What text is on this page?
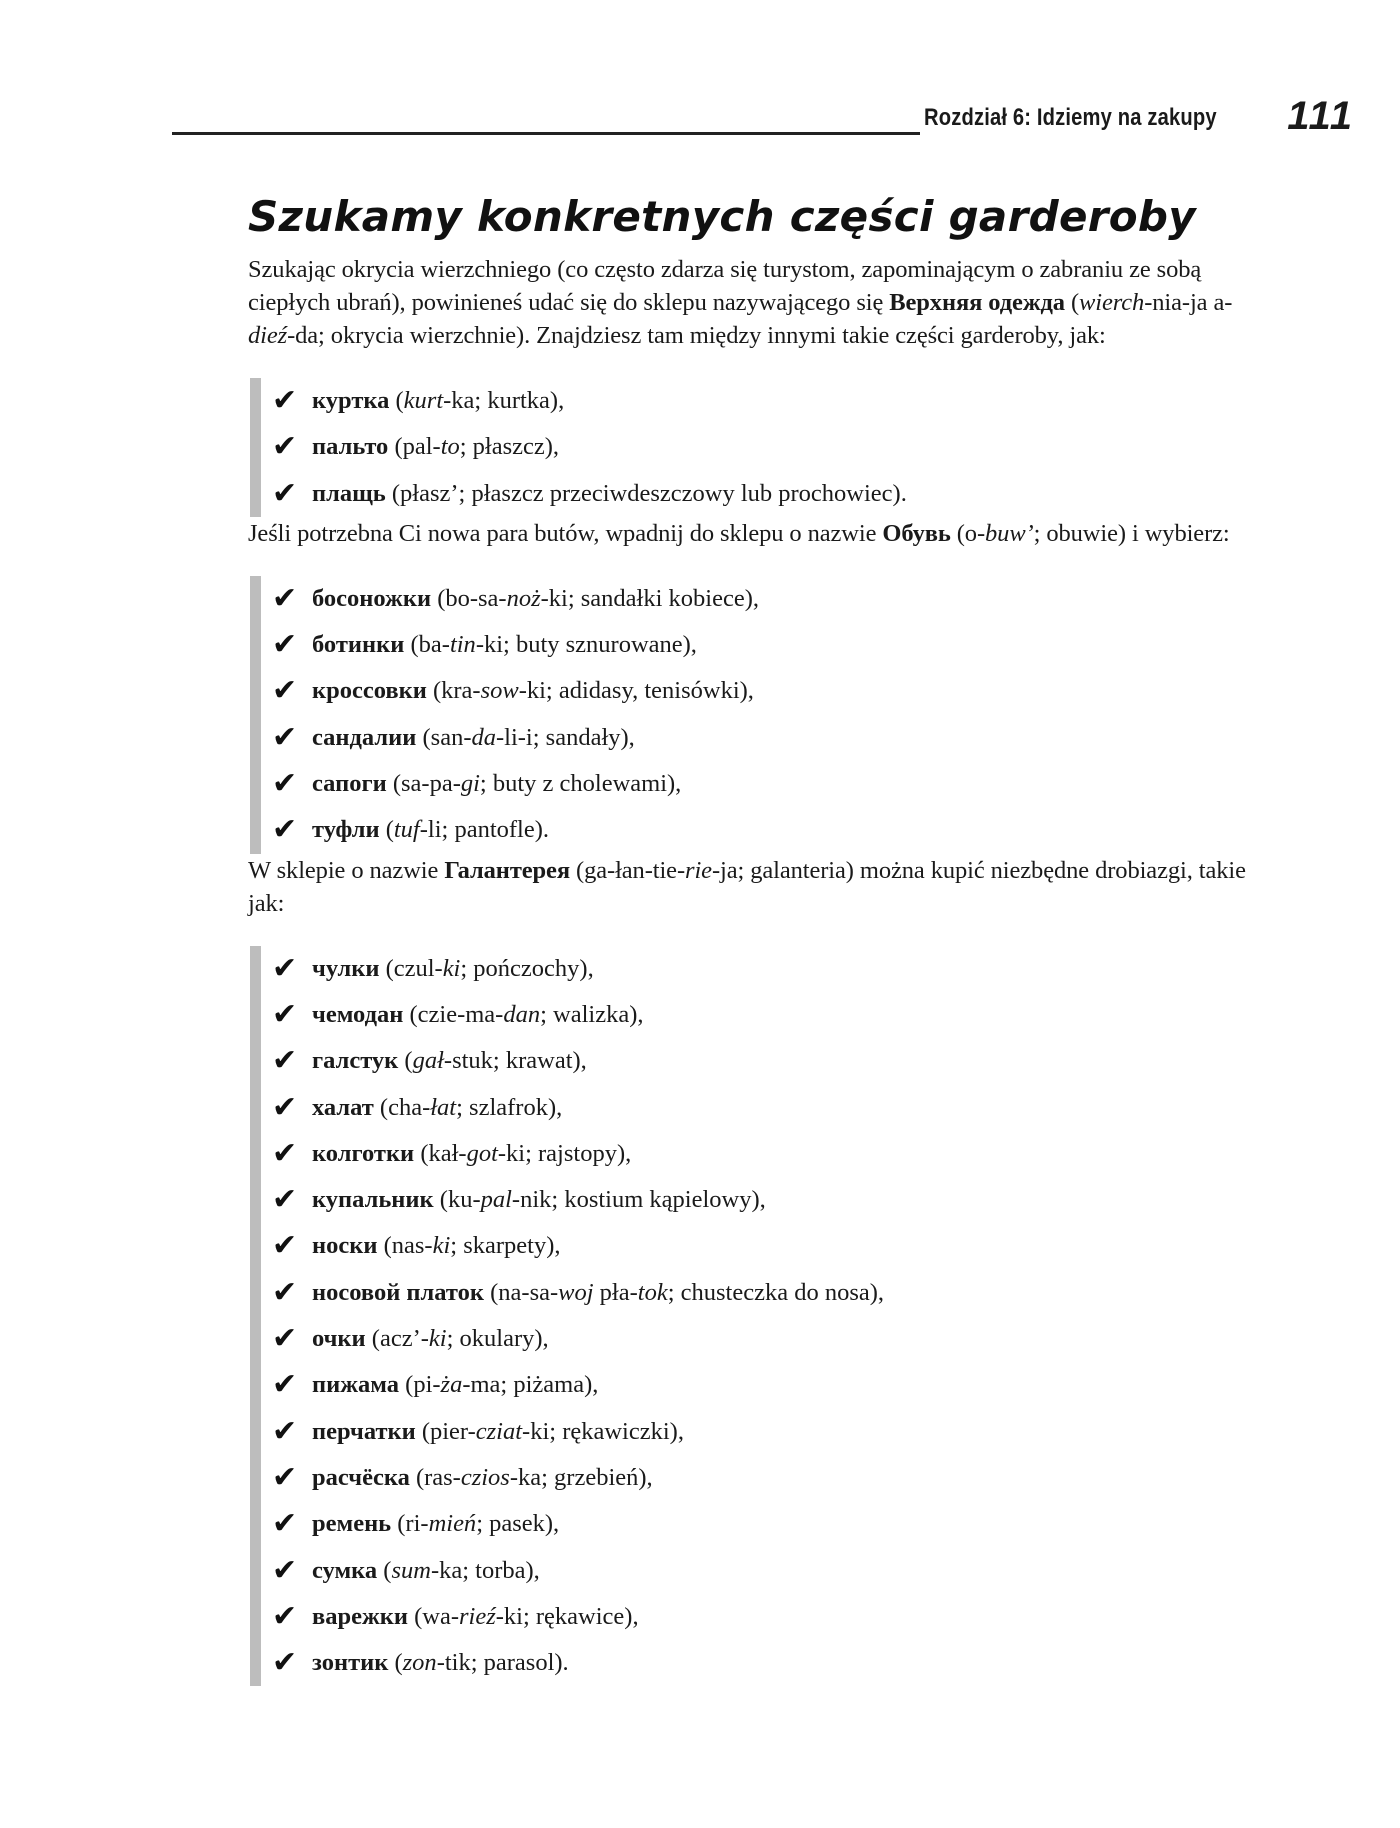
Rozdział 6: Idziemy na zakupy 111
Szukamy konkretnych części garderoby

Szukając okrycia wierzchniego (co często zdarza się turystom, zapominającym o zabraniu ze sobą ciepłych ubrań), powinieneś udać się do sklepu nazywającego się Верхняя одежда (wierch-nia-ja a-dieź-da; okrycia wierzchnie). Znajdziesz tam między innymi takie części garderoby, jak:

✔ куртка (kurt-ka; kurtka),
✔ пальто (pal-to; płaszcz),
✔ плащь (płasz’; płaszcz przeciwdeszczowy lub prochowiec).

Jeśli potrzebna Ci nowa para butów, wpadnij do sklepu o nazwie Обувь (o-buw’; obuwie) i wybierz:

✔ босоножки (bo-sa-noż-ki; sandałki kobiece),
✔ ботинки (ba-tin-ki; buty sznurowane),
✔ кроссовки (kra-sow-ki; adidasy, tenisówki),
✔ сандалии (san-da-li-i; sandały),
✔ сапоги (sa-pa-gi; buty z cholewami),
✔ туфли (tuf-li; pantofle).

W sklepie o nazwie Галантерея (ga-łan-tie-rie-ja; galanteria) można kupić niezbędne drobiazgi, takie jak:

✔ чулки (czul-ki; pończochy),
✔ чемодан (czie-ma-dan; walizka),
✔ галстук (gał-stuk; krawat),
✔ халат (cha-łat; szlafrok),
✔ колготки (kał-got-ki; rajstopy),
✔ купальник (ku-pal-nik; kostium kąpielowy),
✔ носки (nas-ki; skarpety),
✔ носовой платок (na-sa-woj pła-tok; chusteczka do nosa),
✔ очки (acz’-ki; okulary),
✔ пижама (pi-ża-ma; piżama),
✔ перчатки (pier-cziat-ki; rękawiczki),
✔ расчёска (ras-czios-ka; grzebień),
✔ ремень (ri-mień; pasek),
✔ сумка (sum-ka; torba),
✔ варежки (wa-rieź-ki; rękawice),
✔ зонтик (zon-tik; parasol).
